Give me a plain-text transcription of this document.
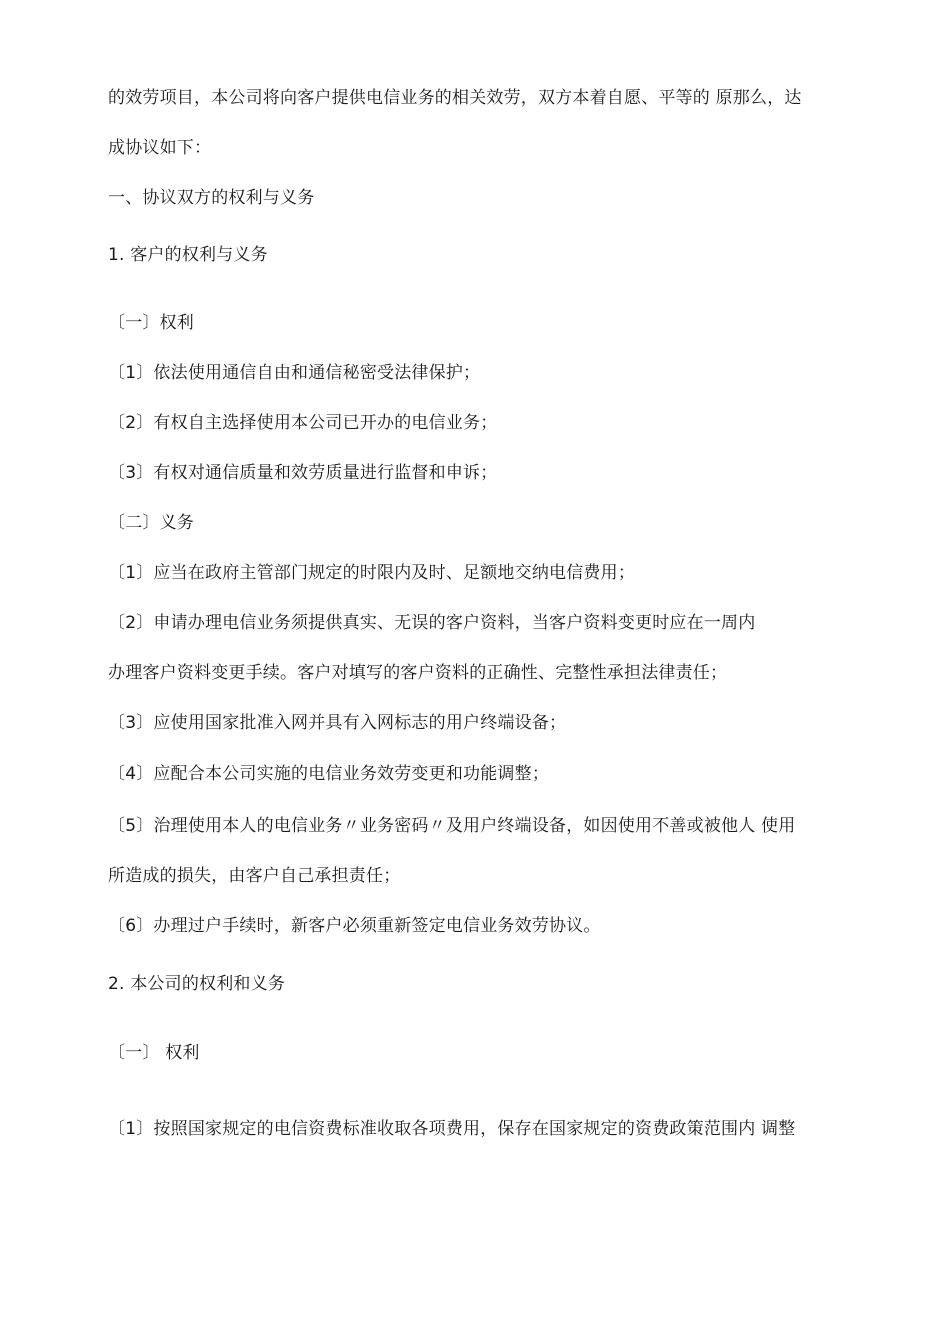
的效劳项目，本公司将向客户提供电信业务的相关效劳，双方本着自愿、平等的 原那么，达
成协议如下：
一、协议双方的权利与义务
1. 客户的权利与义务
〔一〕权利
〔1〕依法使用通信自由和通信秘密受法律保护；
〔2〕有权自主选择使用本公司已开办的电信业务；
〔3〕有权对通信质量和效劳质量进行监督和申诉；
〔二〕义务
〔1〕应当在政府主管部门规定的时限内及时、足额地交纳电信费用；
〔2〕申请办理电信业务须提供真实、无误的客户资料，当客户资料变更时应在一周内
办理客户资料变更手续。客户对填写的客户资料的正确性、完整性承担法律责任；
〔3〕应使用国家批准入网并具有入网标志的用户终端设备；
〔4〕应配合本公司实施的电信业务效劳变更和功能调整；
〔5〕治理使用本人的电信业务〃业务密码〃及用户终端设备，如因使用不善或被他人 使用
所造成的损失，由客户自己承担责任；
〔6〕办理过户手续时，新客户必须重新签定电信业务效劳协议。
2. 本公司的权利和义务
〔一〕 权利
〔1〕按照国家规定的电信资费标准收取各项费用，保存在国家规定的资费政策范围内 调整
